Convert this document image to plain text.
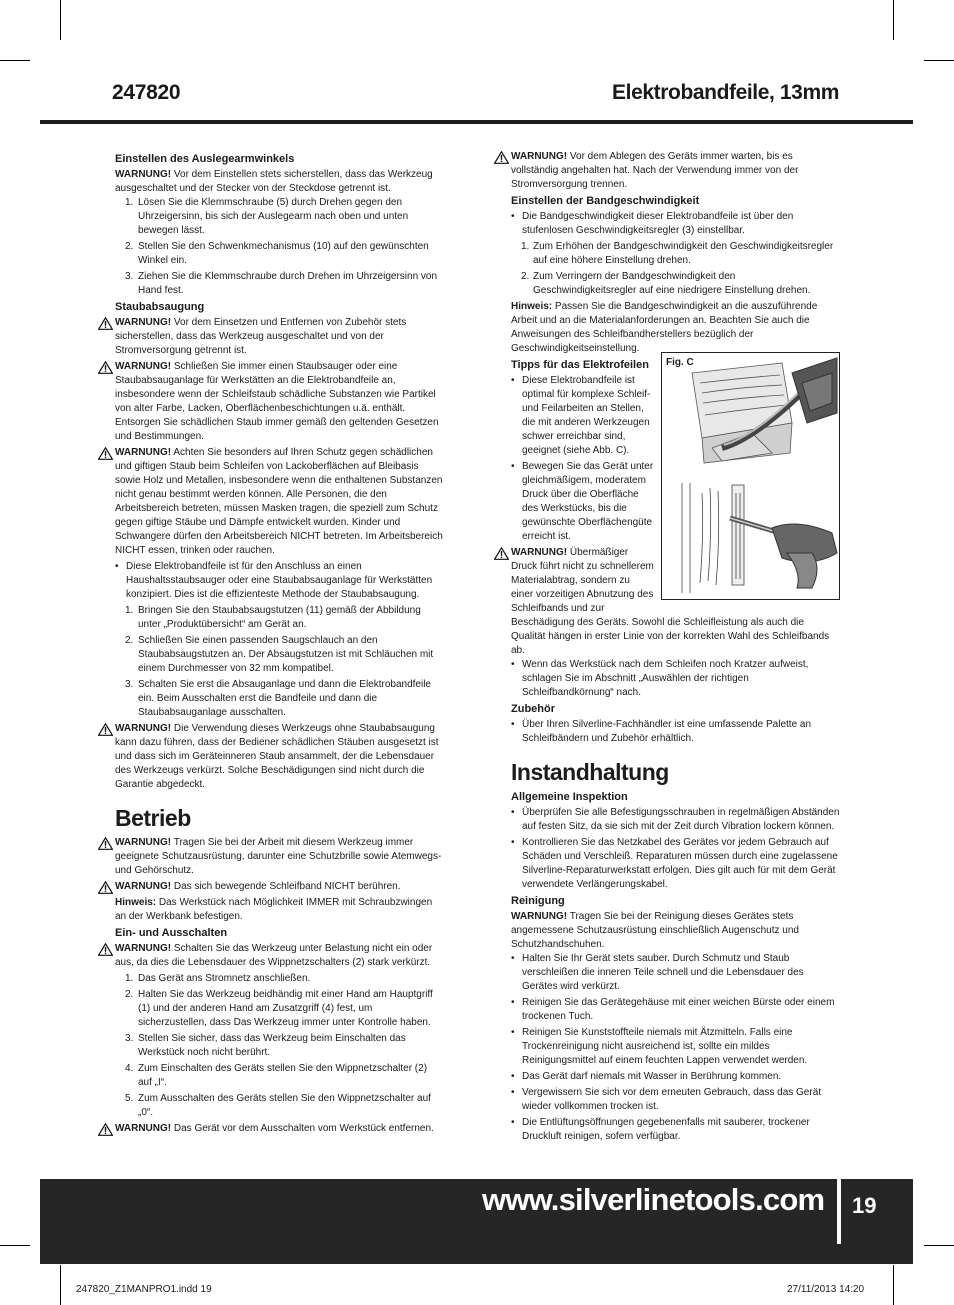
247820	Elektrobandfeile, 13mm
Einstellen des Auslegearmwinkels
WARNUNG! Vor dem Einstellen stets sicherstellen, dass das Werkzeug ausgeschaltet und der Stecker von der Steckdose getrennt ist.
1. Lösen Sie die Klemmschraube (5) durch Drehen gegen den Uhrzeigersinn, bis sich der Auslegearm nach oben und unten bewegen lässt.
2. Stellen Sie den Schwenkmechanismus (10) auf den gewünschten Winkel ein.
3. Ziehen Sie die Klemmschraube durch Drehen im Uhrzeigersinn von Hand fest.
Staubabsaugung
WARNUNG! Vor dem Einsetzen und Entfernen von Zubehör stets sicherstellen, dass das Werkzeug ausgeschaltet und von der Stromversorgung getrennt ist.
WARNUNG! Schließen Sie immer einen Staubsauger oder eine Staubabsauganlage für Werkstätten an die Elektrobandfeile an, insbesondere wenn der Schleifstaub schädliche Substanzen wie Partikel von alter Farbe, Lacken, Oberflächenbeschichtungen u.ä. enthält. Entsorgen Sie schädlichen Staub immer gemäß den geltenden Gesetzen und Bestimmungen.
WARNUNG! Achten Sie besonders auf Ihren Schutz gegen schädlichen und giftigen Staub beim Schleifen von Lackoberflächen auf Bleibasis sowie Holz und Metallen, insbesondere wenn die enthaltenen Substanzen nicht genau bestimmt werden können. Alle Personen, die den Arbeitsbereich betreten, müssen Masken tragen, die speziell zum Schutz gegen giftige Stäube und Dämpfe entwickelt wurden. Kinder und Schwangere dürfen den Arbeitsbereich NICHT betreten. Im Arbeitsbereich NICHT essen, trinken oder rauchen.
• Diese Elektrobandfeile ist für den Anschluss an einen Haushaltsstaubsauger oder eine Staubabsauganlage für Werkstätten konzipiert. Dies ist die effizienteste Methode der Staubabsaugung.
1. Bringen Sie den Staubabsaugstutzen (11) gemäß der Abbildung unter „Produktübersicht“ am Gerät an.
2. Schließen Sie einen passenden Saugschlauch an den Staubabsaugstutzen an. Der Absaugstutzen ist mit Schläuchen mit einem Durchmesser von 32 mm kompatibel.
3. Schalten Sie erst die Absauganlage und dann die Elektrobandfeile ein. Beim Ausschalten erst die Bandfeile und dann die Staubabsauganlage ausschalten.
WARNUNG! Die Verwendung dieses Werkzeugs ohne Staubabsaugung kann dazu führen, dass der Bediener schädlichen Stäuben ausgesetzt ist und dass sich im Geräteinneren Staub ansammelt, der die Lebensdauer des Werkzeugs verkürzt. Solche Beschädigungen sind nicht durch die Garantie abgedeckt.
Betrieb
WARNUNG! Tragen Sie bei der Arbeit mit diesem Werkzeug immer geeignete Schutzausrüstung, darunter eine Schutzbrille sowie Atemwegs- und Gehörschutz.
WARNUNG! Das sich bewegende Schleifband NICHT berühren.
Hinweis: Das Werkstück nach Möglichkeit IMMER mit Schraubzwingen an der Werkbank befestigen.
Ein- und Ausschalten
WARNUNG! Schalten Sie das Werkzeug unter Belastung nicht ein oder aus, da dies die Lebensdauer des Wippnetzschalters (2) stark verkürzt.
1. Das Gerät ans Stromnetz anschließen.
2. Halten Sie das Werkzeug beidhändig mit einer Hand am Hauptgriff (1) und der anderen Hand am Zusatzgriff (4) fest, um sicherzustellen, dass Das Werkzeug immer unter Kontrolle haben.
3. Stellen Sie sicher, dass das Werkzeug beim Einschalten das Werkstück noch nicht berührt.
4. Zum Einschalten des Geräts stellen Sie den Wippnetzschalter (2) auf „I“.
5. Zum Ausschalten des Geräts stellen Sie den Wippnetzschalter auf „0“.
WARNUNG! Das Gerät vor dem Ausschalten vom Werkstück entfernen.
WARNUNG! Vor dem Ablegen des Geräts immer warten, bis es vollständig angehalten hat. Nach der Verwendung immer von der Stromversorgung trennen.
Einstellen der Bandgeschwindigkeit
• Die Bandgeschwindigkeit dieser Elektrobandfeile ist über den stufenlosen Geschwindigkeitsregler (3) einstellbar.
1. Zum Erhöhen der Bandgeschwindigkeit den Geschwindigkeitsregler auf eine höhere Einstellung drehen.
2. Zum Verringern der Bandgeschwindigkeit den Geschwindigkeitsregler auf eine niedrigere Einstellung drehen.
Hinweis: Passen Sie die Bandgeschwindigkeit an die auszuführende Arbeit und an die Materialanforderungen an. Beachten Sie auch die Anweisungen des Schleifbandherstellers bezüglich der Geschwindigkeitseinstellung.
Tipps für das Elektrofeilen
• Diese Elektrobandfeile ist optimal für komplexe Schleif- und Feilarbeiten an Stellen, die mit anderen Werkzeugen schwer erreichbar sind, geeignet (siehe Abb. C).
• Bewegen Sie das Gerät unter gleichmäßigem, moderatem Druck über die Oberfläche des Werkstücks, bis die gewünschte Oberflächengüte erreicht ist.
WARNUNG! Übermäßiger Druck führt nicht zu schnellerem Materialabtrag, sondern zu einer vorzeitigen Abnutzung des Schleifbands und zur
Beschädigung des Geräts. Sowohl die Schleifleistung als auch die Qualität hängen in erster Linie von der korrekten Wahl des Schleifbands ab.
• Wenn das Werkstück nach dem Schleifen noch Kratzer aufweist, schlagen Sie im Abschnitt „Auswählen der richtigen Schleifbandkörnung“ nach.
Zubehör
• Über Ihren Silverline-Fachhändler ist eine umfassende Palette an Schleifbändern und Zubehör erhältlich.
Instandhaltung
Allgemeine Inspektion
• Überprüfen Sie alle Befestigungsschrauben in regelmäßigen Abständen auf festen Sitz, da sie sich mit der Zeit durch Vibration lockern können.
• Kontrollieren Sie das Netzkabel des Gerätes vor jedem Gebrauch auf Schäden und Verschleiß. Reparaturen müssen durch eine zugelassene Silverline-Reparaturwerkstatt erfolgen. Dies gilt auch für mit dem Gerät verwendete Verlängerungskabel.
Reinigung
WARNUNG! Tragen Sie bei der Reinigung dieses Gerätes stets angemessene Schutzausrüstung einschließlich Augenschutz und Schutzhandschuhen.
• Halten Sie Ihr Gerät stets sauber. Durch Schmutz und Staub verschleißen die inneren Teile schnell und die Lebensdauer des Gerätes wird verkürzt.
• Reinigen Sie das Gerätegehäuse mit einer weichen Bürste oder einem trockenen Tuch.
• Reinigen Sie Kunststoffteile niemals mit Ätzmitteln. Falls eine Trockenreinigung nicht ausreichend ist, sollte ein mildes Reinigungsmittel auf einem feuchten Lappen verwendet werden.
• Das Gerät darf niemals mit Wasser in Berührung kommen.
• Vergewissern Sie sich vor dem erneuten Gebrauch, dass das Gerät wieder vollkommen trocken ist.
• Die Entlüftungsöffnungen gegebenenfalls mit sauberer, trockener Druckluft reinigen, sofern verfügbar.
Fig. C
www.silverlinetools.com 19
247820_Z1MANPRO1.indd 19	27/11/2013 14:20
